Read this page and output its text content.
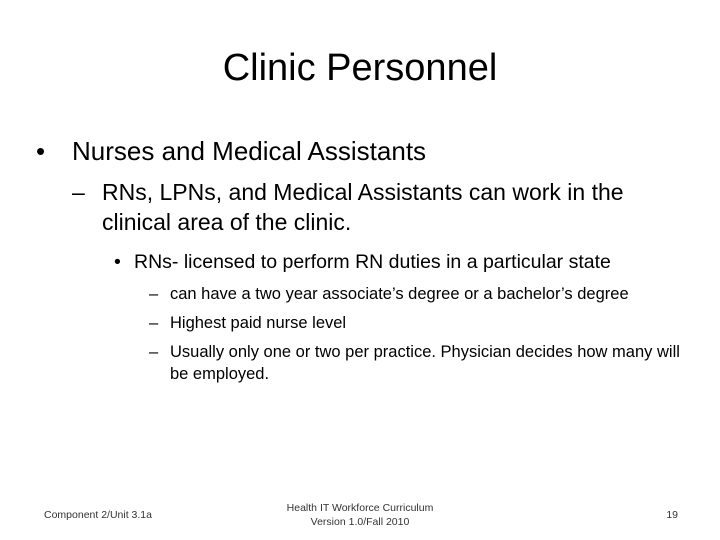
Clinic Personnel
•	Nurses and Medical Assistants
– RNs, LPNs, and Medical Assistants can work in the clinical area of the clinic.
• RNs- licensed to perform RN duties in a particular state
– can have a two year associate’s degree or a bachelor’s degree
– Highest paid nurse level
– Usually only one or two per practice. Physician decides how many will be employed.
Component 2/Unit 3.1a
Health IT Workforce Curriculum
Version 1.0/Fall 2010
19
